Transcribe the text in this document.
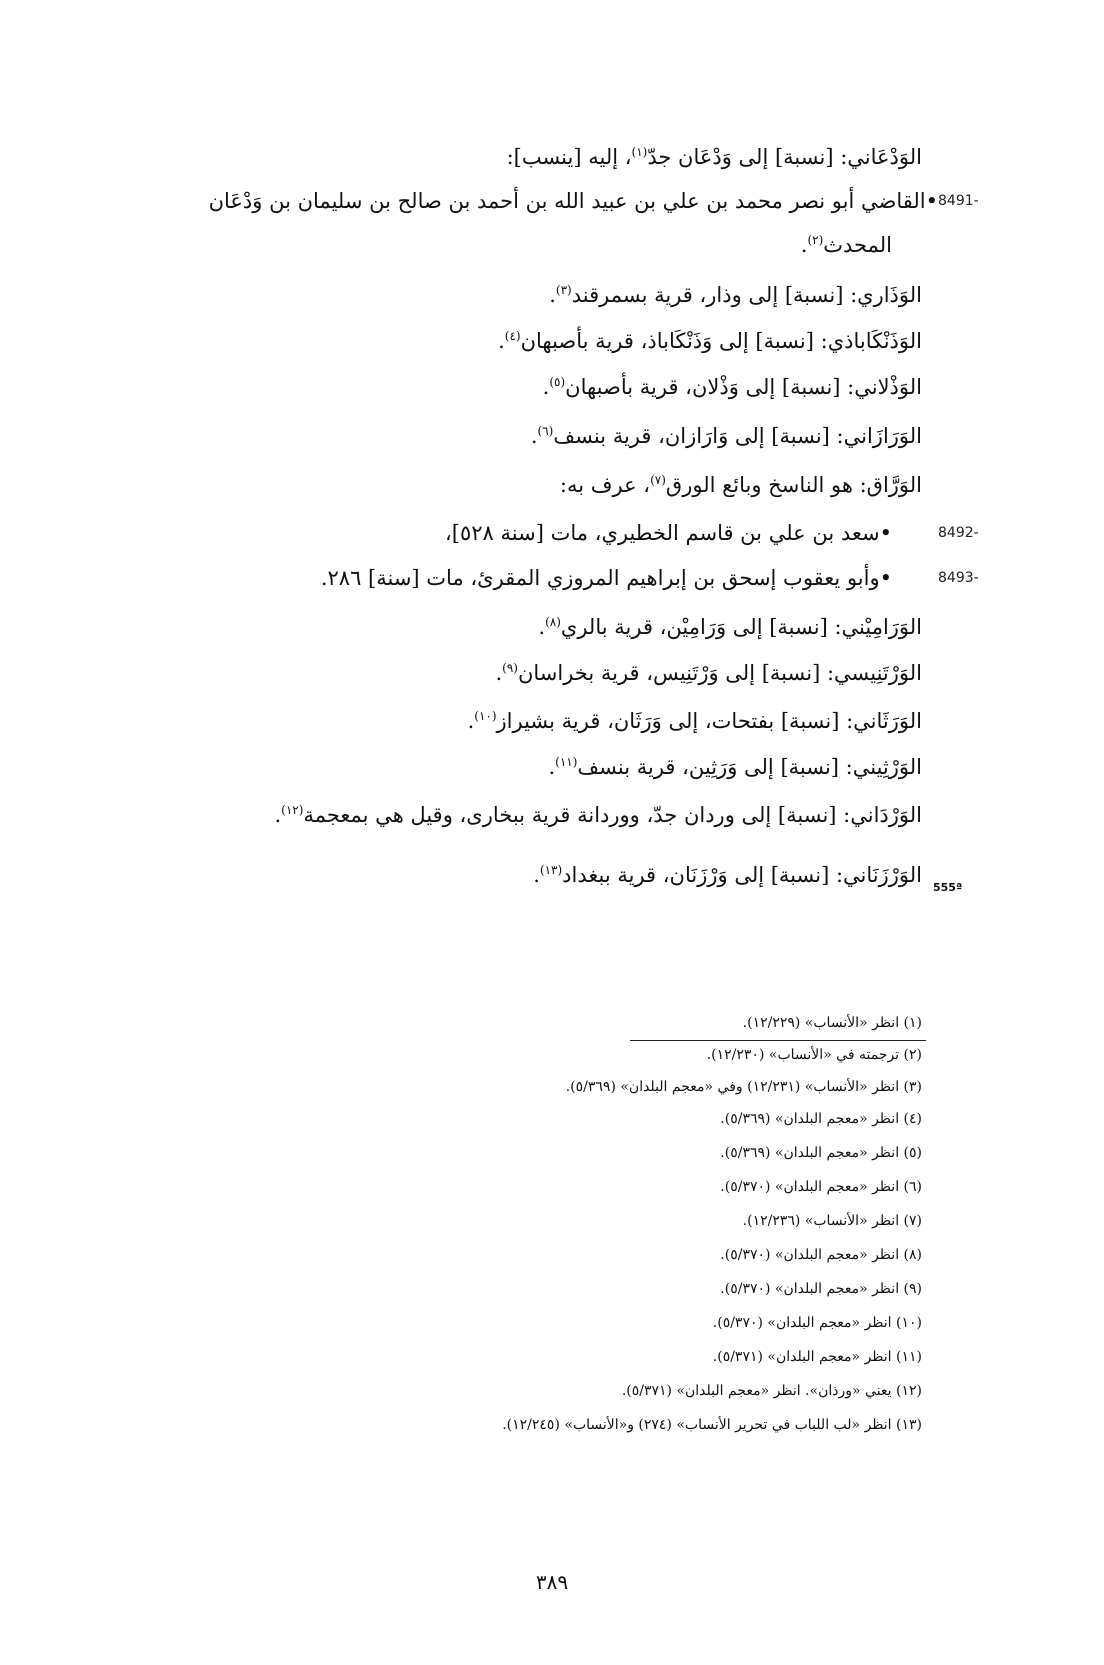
الوَدْعَاني: [نسبة] إلى وَدْعَان جدّ$^{(١)}$، إليه [ينسب]:
8491-
•القاضي أبو نصر محمد بن علي بن عبيد الله بن أحمد بن صالح بن سليمان بن وَدْعَان
المحدث$^{(٢)}$.
الوَذَاري: [نسبة] إلى وذار، قرية بسمرقند$^{(٣)}$.
الوَذَنْكَاباذي: [نسبة] إلى وَذَنْكَاباذ، قرية بأصبهان$^{(٤)}$.
الوَذْلاني: [نسبة] إلى وَذْلان، قرية بأصبهان$^{(٥)}$.
الوَرَازَاني: [نسبة] إلى وَارَازان، قرية بنسف$^{(٦)}$.
الوَرَّاق: هو الناسخ وبائع الورق$^{(٧)}$، عرف به:
8492-
•سعد بن علي بن قاسم الخطيري، مات [سنة ٥٢٨]،
8493-
•وأبو يعقوب إسحق بن إبراهيم المروزي المقرئ، مات [سنة] ٢٨٦.
الوَرَامِيْني: [نسبة] إلى وَرَامِيْن، قرية بالري$^{(٨)}$.
الوَرْتَنِيسي: [نسبة] إلى وَرْتَنِيس، قرية بخراسان$^{(٩)}$.
الوَرَثَاني: [نسبة] بفتحات، إلى وَرَثَان، قرية بشيراز$^{(١٠)}$.
الوَرْثِيني: [نسبة] إلى وَرَثِين، قرية بنسف$^{(١١)}$.
الوَرْدَاني: [نسبة] إلى وردان جدّ، ووردانة قرية ببخارى، وقيل هي بمعجمة$^{(١٢)}$.
555ª
الوَرْزَنَاني: [نسبة] إلى وَرْزَنَان، قرية ببغداد$^{(١٣)}$.
(١) انظر «الأنساب» (١٢/٢٢٩).
(٢) ترجمته في «الأنساب» (١٢/٢٣٠).
(٣) انظر «الأنساب» (١٢/٢٣١) وفي «معجم البلدان» (٥/٣٦٩).
(٤) انظر «معجم البلدان» (٥/٣٦٩).
(٥) انظر «معجم البلدان» (٥/٣٦٩).
(٦) انظر «معجم البلدان» (٥/٣٧٠).
(٧) انظر «الأنساب» (١٢/٢٣٦).
(٨) انظر «معجم البلدان» (٥/٣٧٠).
(٩) انظر «معجم البلدان» (٥/٣٧٠).
(١٠) انظر «معجم البلدان» (٥/٣٧٠).
(١١) انظر «معجم البلدان» (٥/٣٧١).
(١٢) يعني «ورذان». انظر «معجم البلدان» (٥/٣٧١).
(١٣) انظر «لب اللباب في تحرير الأنساب» (٢٧٤) و«الأنساب» (١٢/٢٤٥).
٣٨٩
